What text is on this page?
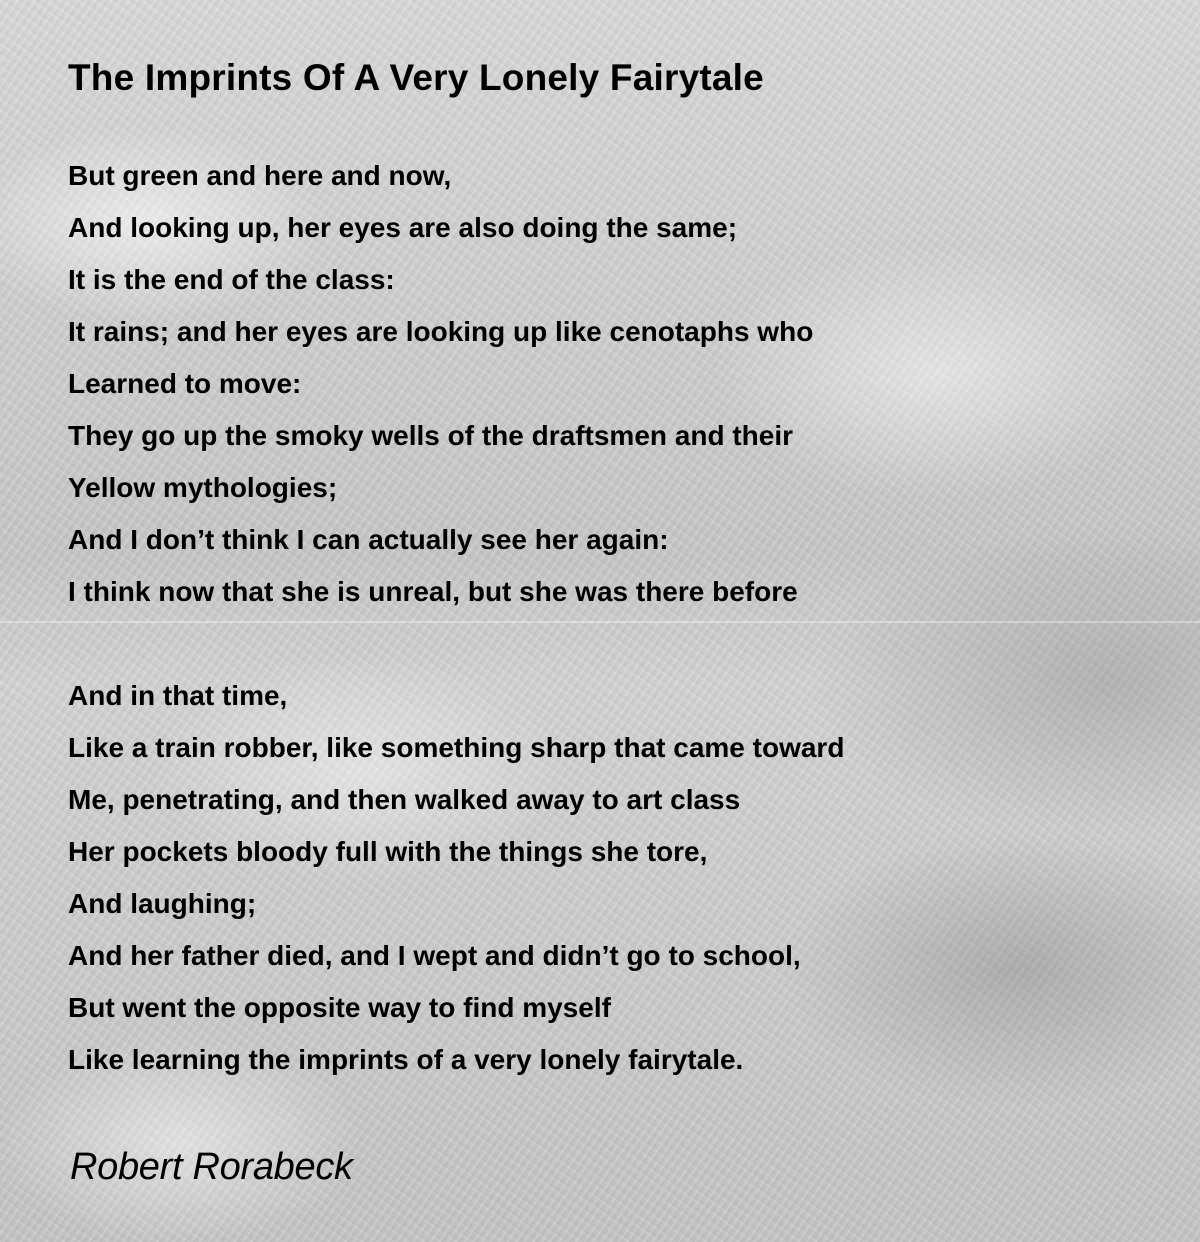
The Imprints Of A Very Lonely Fairytale
But green and here and now,
And looking up, her eyes are also doing the same;
It is the end of the class:
It rains; and her eyes are looking up like cenotaphs who
Learned to move:
They go up the smoky wells of the draftsmen and their
Yellow mythologies;
And I don’t think I can actually see her again:
I think now that she is unreal, but she was there before
And in that time,
Like a train robber, like something sharp that came toward
Me, penetrating, and then walked away to art class
Her pockets bloody full with the things she tore,
And laughing;
And her father died, and I wept and didn’t go to school,
But went the opposite way to find myself
Like learning the imprints of a very lonely fairytale.
Robert Rorabeck
